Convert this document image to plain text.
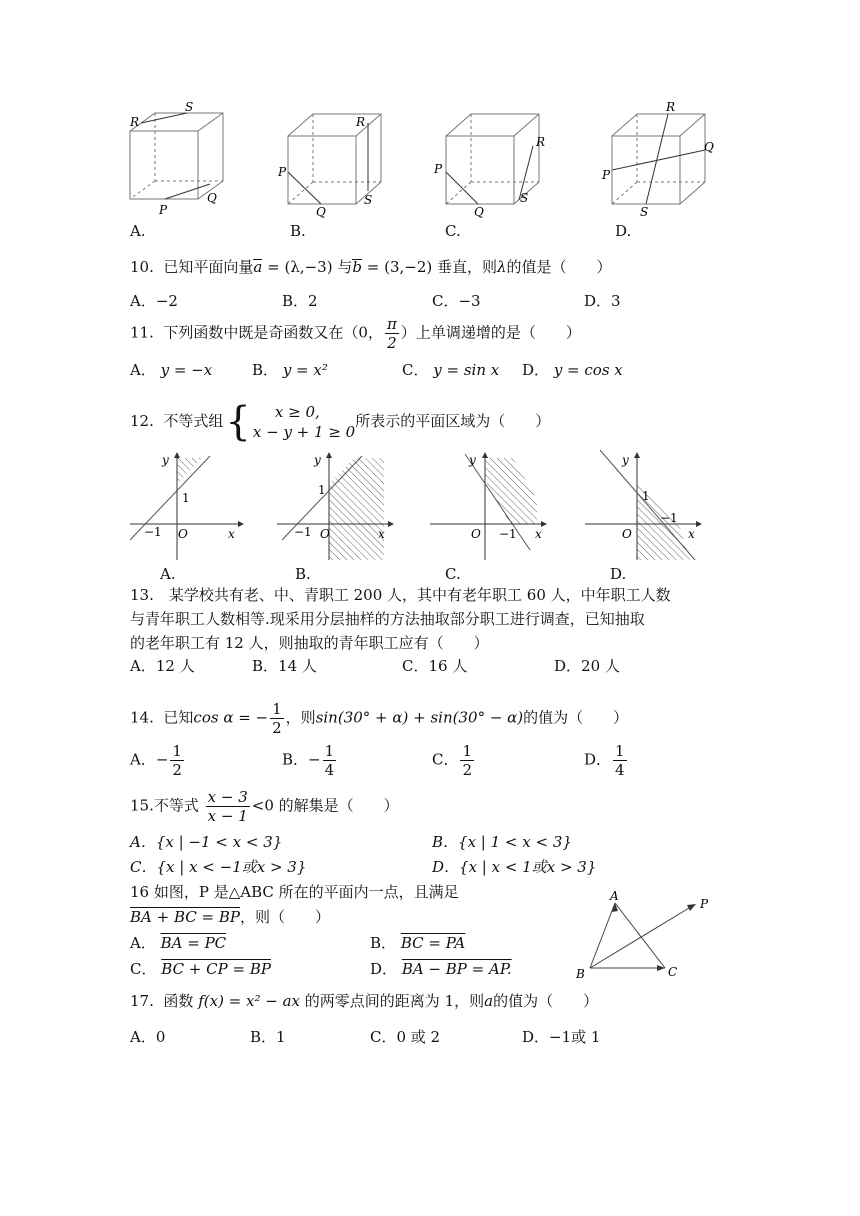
R
S
P
Q
A.
R
P
Q
S
B.
R
P
Q
S
C.
R
Q
P
S
D.
10. 已知平面向量a = (λ,−3) 与b = (3,−2) 垂直，则λ的值是（　　）
A．−2	B．2	C．−3	D．3
11. 下列函数中既是奇函数又在（0， $\frac{\pi}{2}$ ）上单调递增的是（　　）
A． y = −x	B． y = x²	C． y = sin x D． y = cos x
12. 不等式组{	x ≥ 0,
x − y + 1 ≥ 0
所表示的平面区域为（　　）
y
x
O
1
−1
A.
y
x
O
1
−1
B.
y
x
O −1
C.
y
x
O
1
−1
D.
13.　某学校共有老、中、青职工 200 人，其中有老年职工 60 人，中年职工人数
与青年职工人数相等.现采用分层抽样的方法抽取部分职工进行调查，已知抽取
的老年职工有 12 人，则抽取的青年职工应有（　　）
A．12 人	B．14 人	C．16 人	D．20 人
14. 已知cos α = − $\frac{1}{2}$ ，则sin(30° + α) + sin(30° − α)的值为（　　）
A．− $\frac{1}{2}$	B．− $\frac{1}{4}$	C． $\frac{1}{2}$	D． $\frac{1}{4}$
15.不等式 $\frac{x - 3}{x - 1} <0$ 的解集是（　　）
A．{x | −1 < x < 3}	B．{x | 1 < x < 3}
C．{x | x < −1或x > 3}	D．{x | x < 1或x > 3}
16 如图，P 是△ABC 所在的平面内一点，且满足
BA + BC = BP，则（　　）
A． BA = PC	B． BC = PA
C． BC + CP = BP	D． BA − BP = AP.
A
P
B	C
17. 函数 f(x) = x² − ax 的两零点间的距离为 1，则a的值为（　　）
A．0	B．1	C．0 或 2	D．−1或 1
